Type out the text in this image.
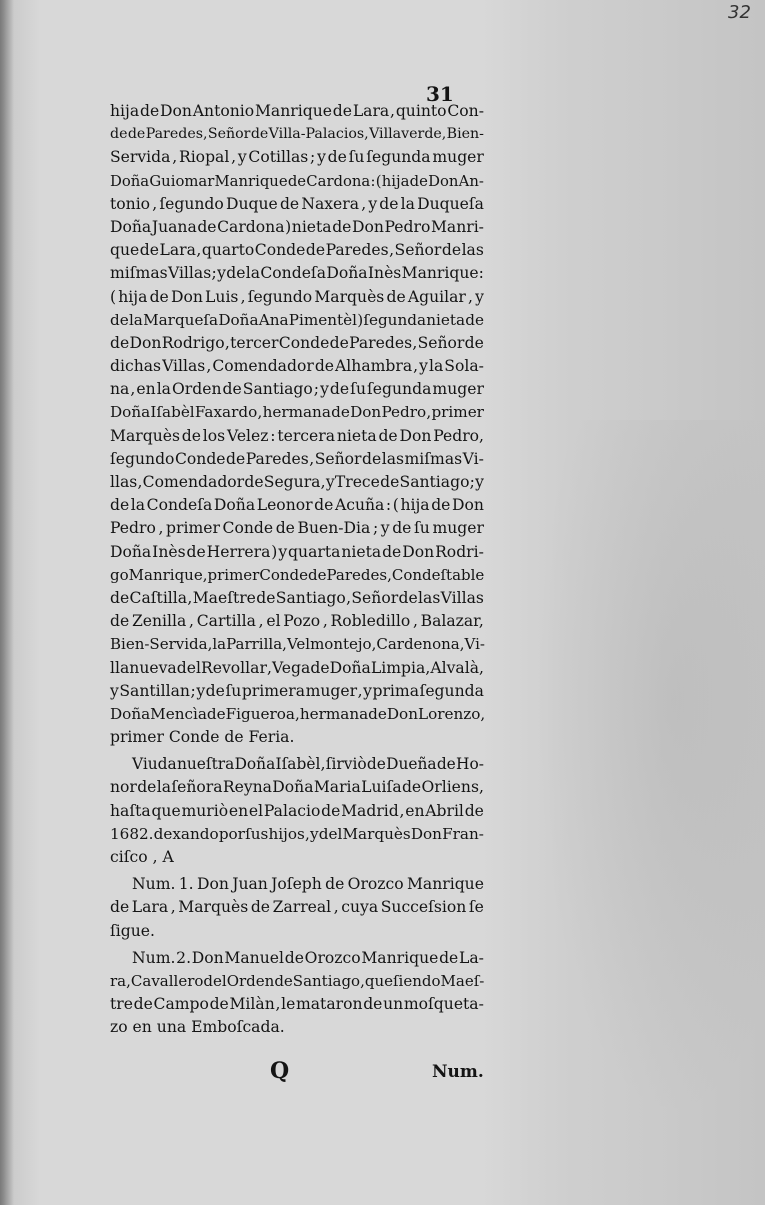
32
31
hija de Don Antonio Manrique de Lara , quinto Con-
de de Paredes, Señor de Villa-Palacios, Villaverde, Bien-
Servida , Riopal , y Cotillas ; y de ſu ſegunda muger
Doña Guiomar Manrique de Cardona : ( hija de Don An-
tonio , ſegundo Duque de Naxera , y de la Duqueſa
Doña Juana de Cardona ) nieta de Don Pedro Manri-
que de Lara , quarto Conde de Paredes , Señor de las
miſmas Villas ; y de la Condeſa Doña Inès Manrique:
( hija de Don Luis , ſegundo Marquès de Aguilar , y
de la Marqueſa Doña Ana Pimentèl ) ſegunda nieta de
de Don Rodrigo , tercer Conde de Paredes , Señor de
dichas Villas , Comendador de Alhambra , y la Sola-
na , en la Orden de Santiago ; y de ſu ſegunda muger
Doña Iſabèl Faxardo , hermana de Don Pedro , primer
Marquès de los Velez : tercera nieta de Don Pedro,
ſegundo Conde de Paredes , Señor de las miſmas Vi-
llas , Comendador de Segura , y Trece de Santiago ; y
de la Condeſa Doña Leonor de Acuña : ( hija de Don
Pedro , primer Conde de Buen-Dia ; y de ſu muger
Doña Inès de Herrera ) y quarta nieta de Don Rodri-
go Manrique , primer Conde de Paredes , Condeſtable
de Caſtilla , Maeſtre de Santiago , Señor de las Villas
de Zenilla , Cartilla , el Pozo , Robledillo , Balazar,
Bien-Servida , la Parrilla , Velmontejo , Cardenona , Vi-
llanueva del Revollar , Vega de Doña Limpia , Alvalà,
y Santillan ; y de ſu primera muger , y prima ſegunda
Doña Mencìa de Figueroa , hermana de Don Lorenzo,
primer Conde de Feria.
Viuda nueſtra Doña Iſabèl , ſirviò de Dueña de Ho-
nor de la ſeñora Reyna Doña Maria Luiſa de Orliens,
haſta que muriò en el Palacio de Madrid , en Abril de
1682. dexando por ſus hijos , y del Marquès Don Fran-
ciſco , A
Num. 1. Don Juan Joſeph de Orozco Manrique
de Lara , Marquès de Zarreal , cuya Succeſsion ſe
ſigue.
Num. 2. Don Manuel de Orozco Manrique de La-
ra , Cavallero del Orden de Santiago , que ſiendo Maeſ-
tre de Campo de Milàn , le mataron de un moſqueta-
zo en una Emboſcada.
Q	Num.
